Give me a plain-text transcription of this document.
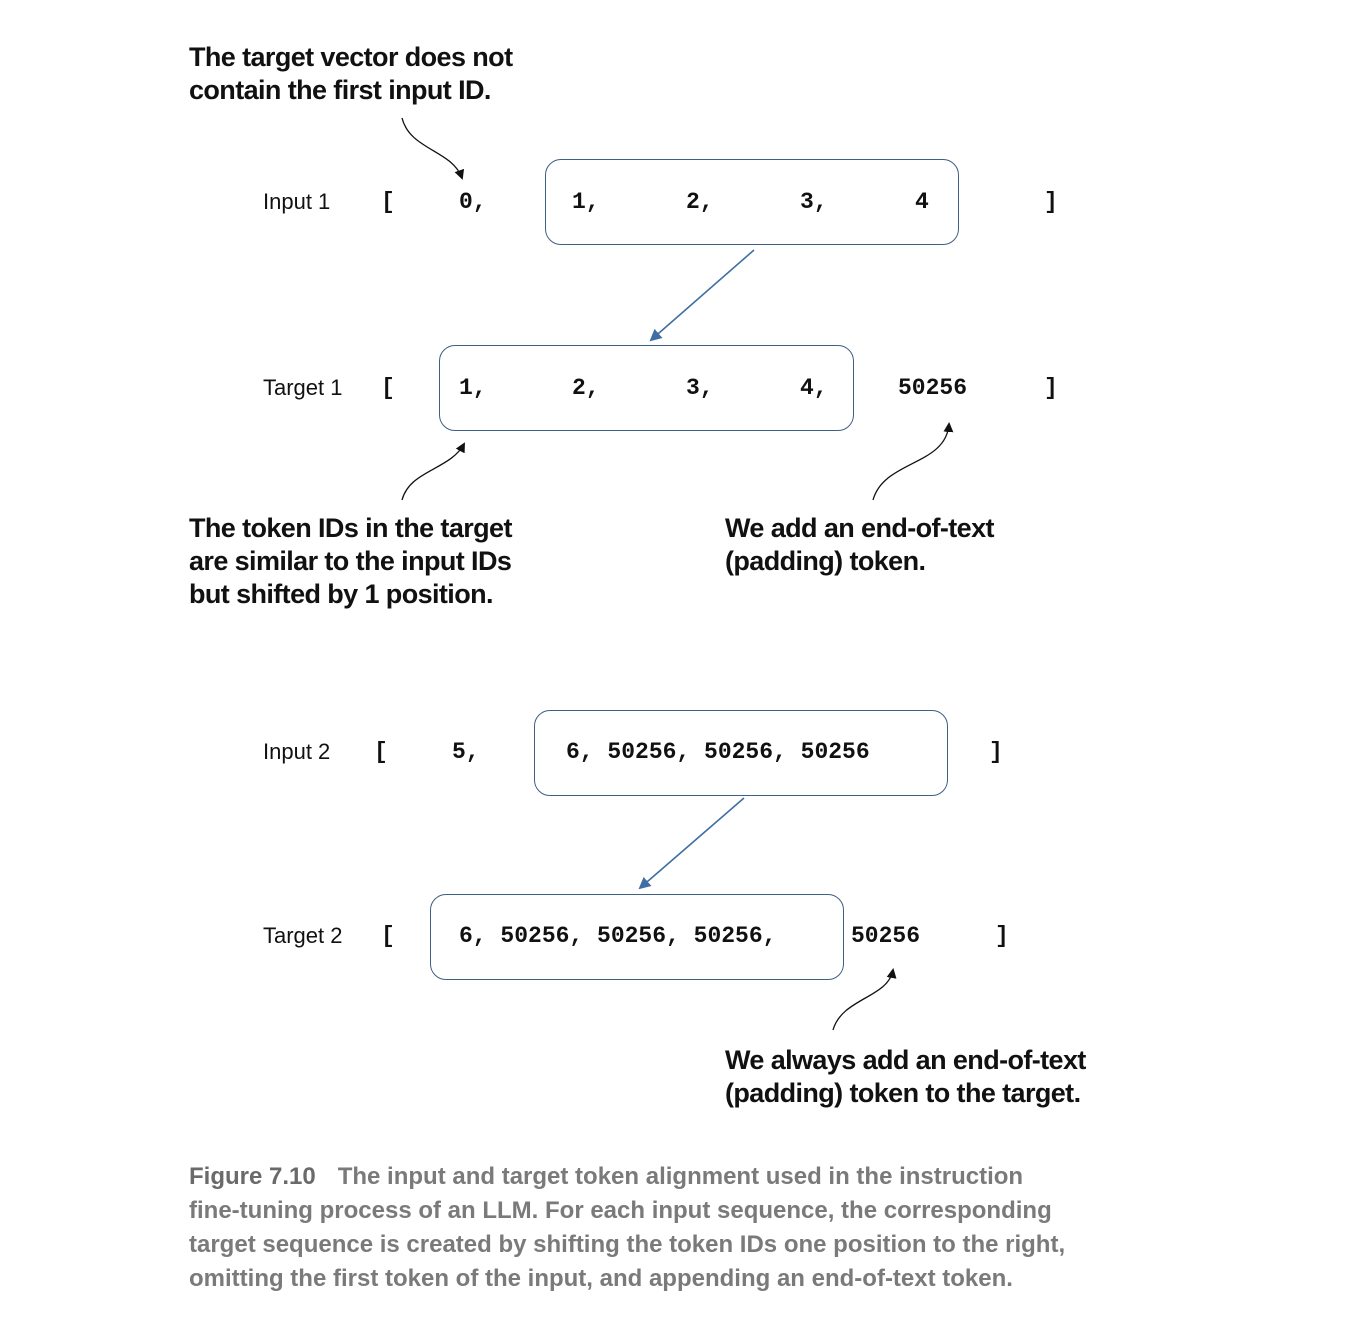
The target vector does not
contain the first input ID.
The token IDs in the target
are similar to the input IDs
but shifted by 1 position.
We add an end-of-text
(padding) token.
We always add an end-of-text
(padding) token to the target.
Input 1 [	0,	1,	2,	3,	4	]
Target 1 [	1,	2,	3,	4,	50256	]
Input 2 [	5,	6, 50256, 50256, 50256	]
Target 2 [	6, 50256, 50256, 50256,	50256	]
Figure 7.10 The input and target token alignment used in the instruction
fine-tuning process of an LLM. For each input sequence, the corresponding
target sequence is created by shifting the token IDs one position to the right,
omitting the first token of the input, and appending an end-of-text token.
